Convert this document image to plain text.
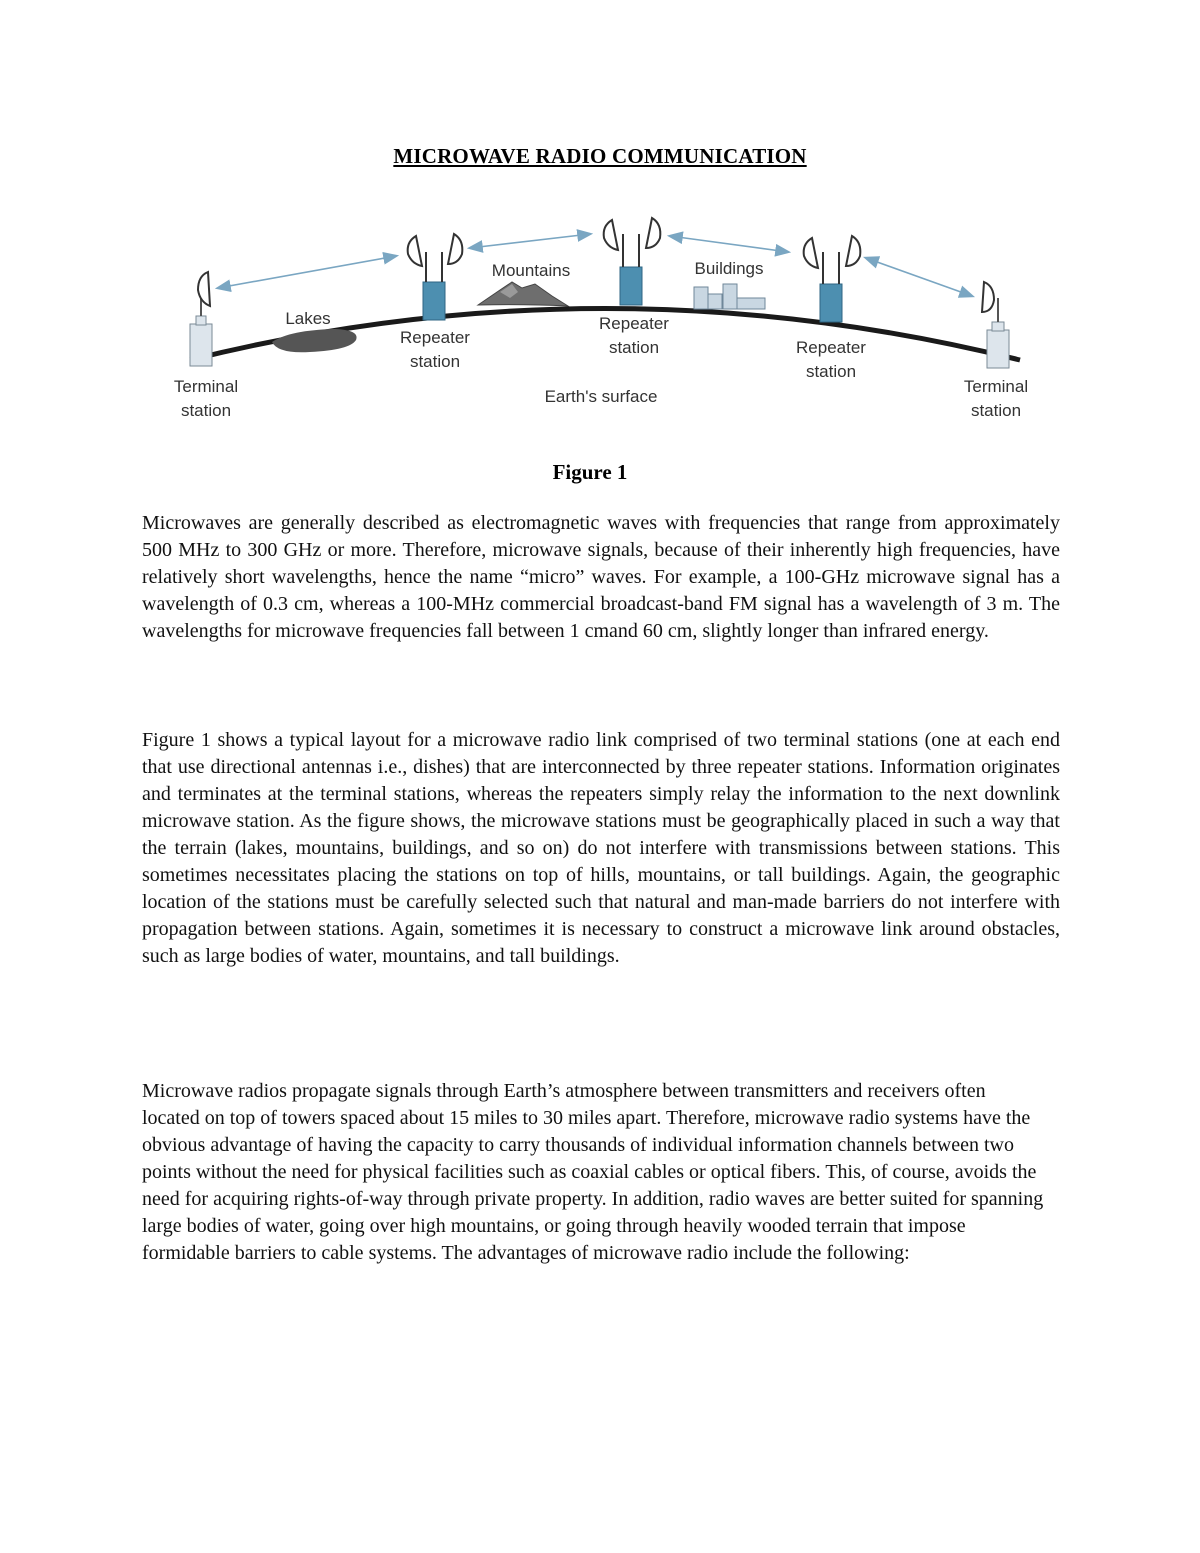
MICROWAVE RADIO COMMUNICATION
Lakes
Mountains	Buildings
Earth's surface
Terminal
station
Repeater
station
Repeater
station	Repeater
station
Terminal
station
Figure 1

Microwaves are generally described as electromagnetic waves with frequencies that range from approximately 500 MHz to 300 GHz or more. Therefore, microwave signals, because of their inherently high frequencies, have relatively short wavelengths, hence the name “micro” waves. For example, a 100-GHz microwave signal has a wavelength of 0.3 cm, whereas a 100-MHz commercial broadcast-band FM signal has a wavelength of 3 m. The wavelengths for microwave frequencies fall between 1 cmand 60 cm, slightly longer than infrared energy.

Figure 1 shows a typical layout for a microwave radio link comprised of two terminal stations (one at each end that use directional antennas i.e., dishes) that are interconnected by three repeater stations. Information originates and terminates at the terminal stations, whereas the repeaters simply relay the information to the next downlink microwave station. As the figure shows, the microwave stations must be geographically placed in such a way that the terrain (lakes, mountains, buildings, and so on) do not interfere with transmissions between stations. This sometimes necessitates placing the stations on top of hills, mountains, or tall buildings. Again, the geographic location of the stations must be carefully selected such that natural and man-made barriers do not interfere with propagation between stations. Again, sometimes it is necessary to construct a microwave link around obstacles, such as large bodies of water, mountains, and tall buildings.

Microwave radios propagate signals through Earth’s atmosphere between transmitters and receivers often located on top of towers spaced about 15 miles to 30 miles apart. Therefore, microwave radio systems have the obvious advantage of having the capacity to carry thousands of individual information channels between two points without the need for physical facilities such as coaxial cables or optical fibers. This, of course, avoids the need for acquiring rights-of-way through private property. In addition, radio waves are better suited for spanning large bodies of water, going over high mountains, or going through heavily wooded terrain that impose formidable barriers to cable systems. The advantages of microwave radio include the following:
